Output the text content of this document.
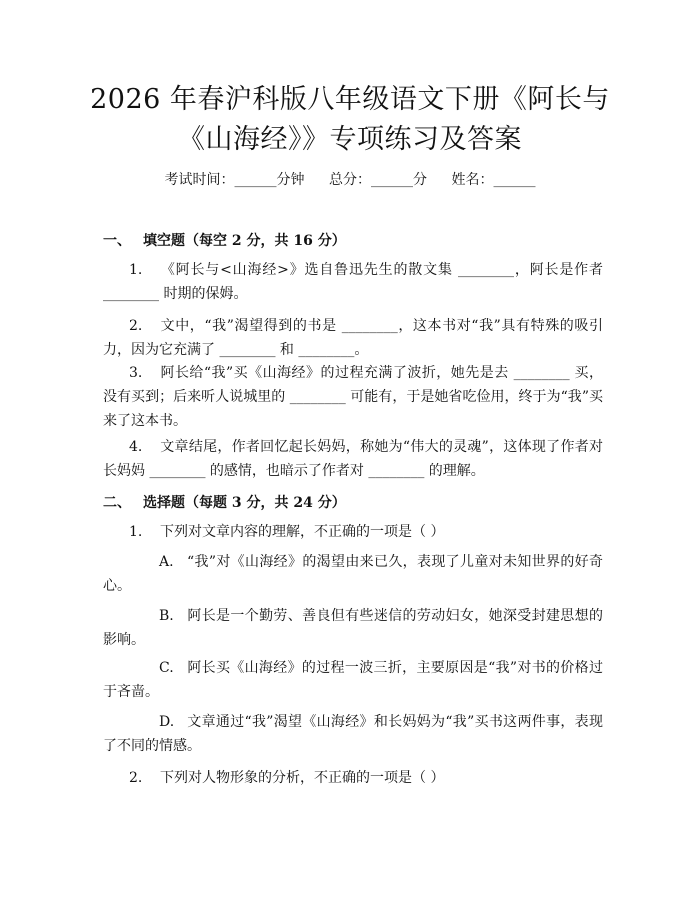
2026 年春沪科版八年级语文下册《阿长与
《山海经》》专项练习及答案
考试时间：______分钟 总分：______分 姓名：______
一、 填空题（每空 2 分，共 16 分）
1. 《阿长与<山海经>》选自鲁迅先生的散文集 ________，阿长是作者 ________ 时期的保姆。
2. 文中，“我”渴望得到的书是 ________，这本书对“我”具有特殊的吸引力，因为它充满了 ________ 和 ________。
3. 阿长给“我”买《山海经》的过程充满了波折，她先是去 ________ 买，没有买到；后来听人说城里的 ________ 可能有，于是她省吃俭用，终于为“我”买来了这本书。
4. 文章结尾，作者回忆起长妈妈，称她为“伟大的灵魂”，这体现了作者对长妈妈 ________ 的感情，也暗示了作者对 ________ 的理解。
二、 选择题（每题 3 分，共 24 分）
1. 下列对文章内容的理解，不正确的一项是（ ）
A. “我”对《山海经》的渴望由来已久，表现了儿童对未知世界的好奇心。
B. 阿长是一个勤劳、善良但有些迷信的劳动妇女，她深受封建思想的影响。
C. 阿长买《山海经》的过程一波三折，主要原因是“我”对书的价格过于吝啬。
D. 文章通过“我”渴望《山海经》和长妈妈为“我”买书这两件事，表现了不同的情感。
2. 下列对人物形象的分析，不正确的一项是（ ）
